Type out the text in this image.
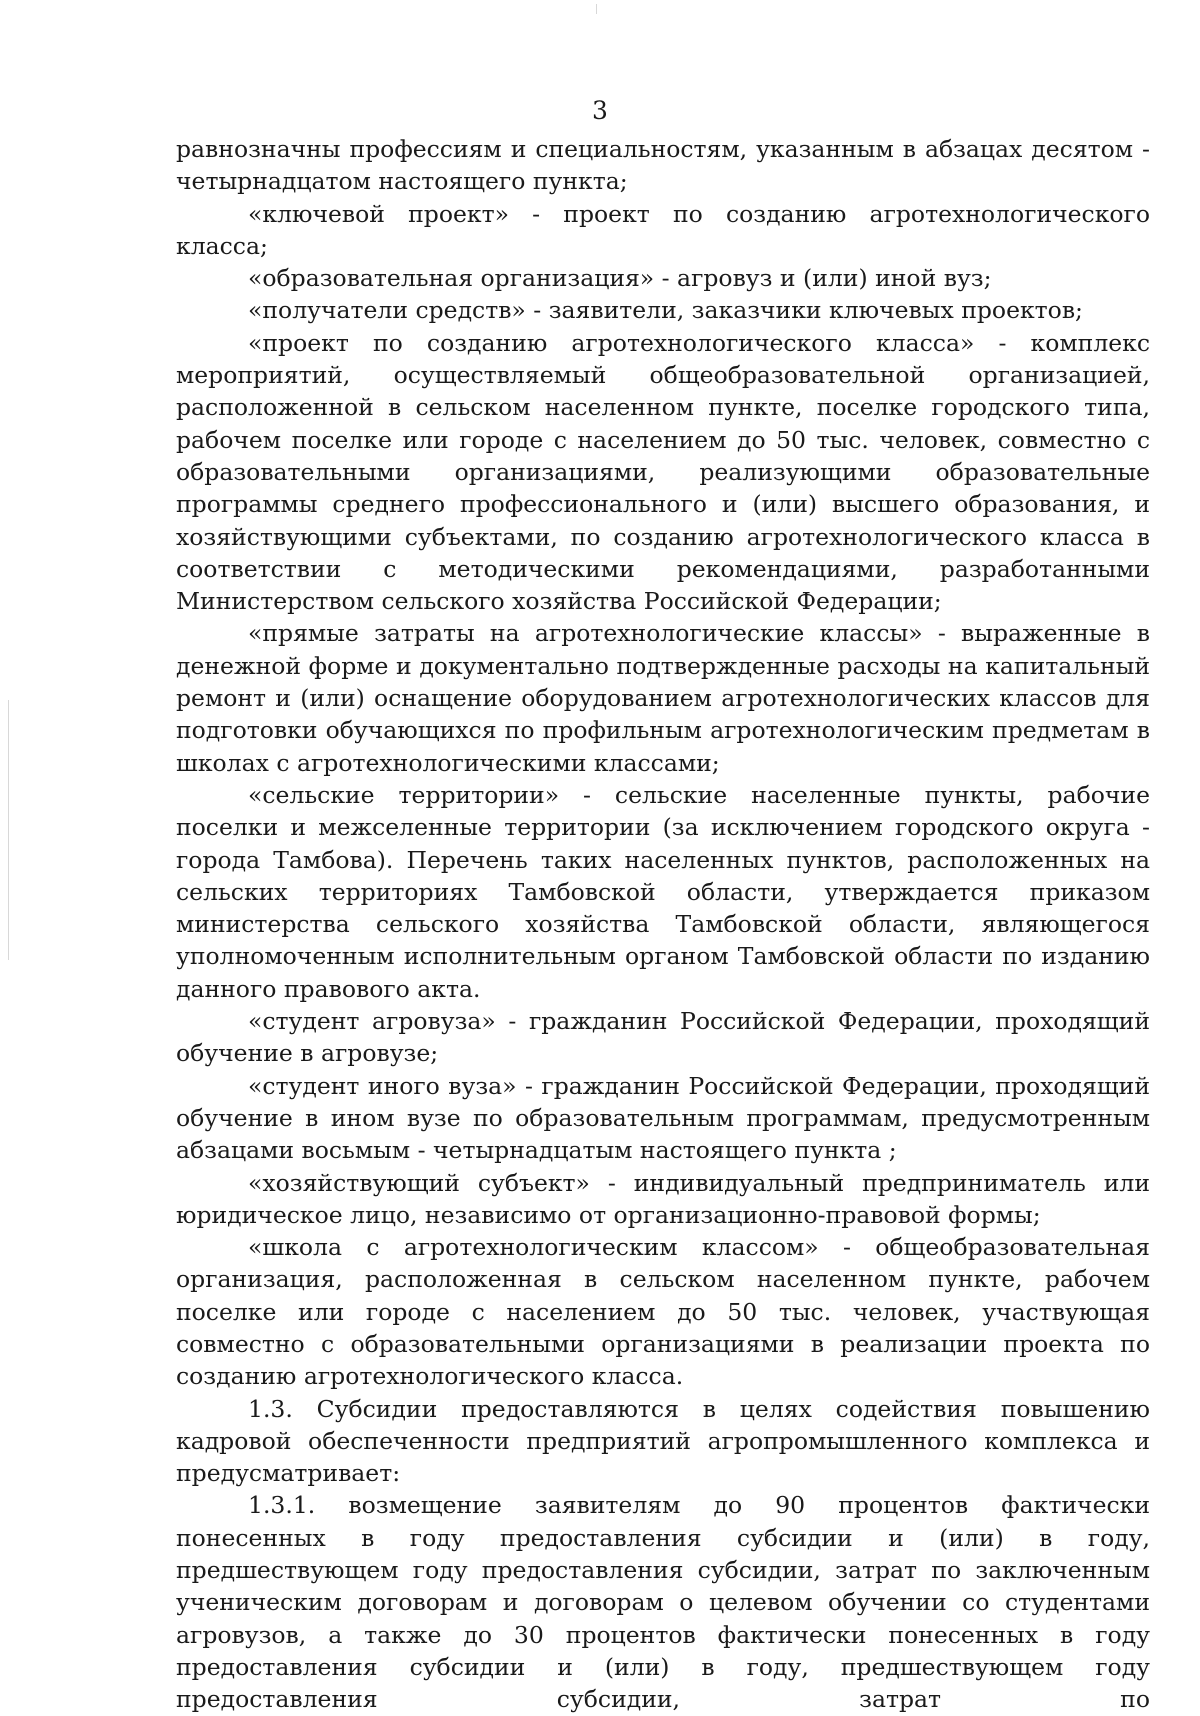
3

равнозначны профессиям и специальностям, указанным в абзацах десятом - четырнадцатом настоящего пункта;

«ключевой проект» - проект по созданию агротехнологического класса;

«образовательная организация» - агровуз и (или) иной вуз;

«получатели средств» - заявители, заказчики ключевых проектов;

«проект по созданию агротехнологического класса» - комплекс мероприятий, осуществляемый общеобразовательной организацией, расположенной в сельском населенном пункте, поселке городского типа, рабочем поселке или городе с населением до 50 тыс. человек, совместно с образовательными организациями, реализующими образовательные программы среднего профессионального и (или) высшего образования, и хозяйствующими субъектами, по созданию агротехнологического класса в соответствии с методическими рекомендациями, разработанными Министерством сельского хозяйства Российской Федерации;

«прямые затраты на агротехнологические классы» - выраженные в денежной форме и документально подтвержденные расходы на капитальный ремонт и (или) оснащение оборудованием агротехнологических классов для подготовки обучающихся по профильным агротехнологическим предметам в школах с агротехнологическими классами;

«сельские территории» - сельские населенные пункты, рабочие поселки и межселенные территории (за исключением городского округа - города Тамбова). Перечень таких населенных пунктов, расположенных на сельских территориях Тамбовской области, утверждается приказом министерства сельского хозяйства Тамбовской области, являющегося уполномоченным исполнительным органом Тамбовской области по изданию данного правового акта.

«студент агровуза» - гражданин Российской Федерации, проходящий обучение в агровузе;

«студент иного вуза» - гражданин Российской Федерации, проходящий обучение в ином вузе по образовательным программам, предусмотренным абзацами восьмым - четырнадцатым настоящего пункта ;

«хозяйствующий субъект» - индивидуальный предприниматель или юридическое лицо, независимо от организационно-правовой формы;

«школа с агротехнологическим классом» - общеобразовательная организация, расположенная в сельском населенном пункте, рабочем поселке или городе с населением до 50 тыс. человек, участвующая совместно с образовательными организациями в реализации проекта по созданию агротехнологического класса.

1.3. Субсидии предоставляются в целях содействия повышению кадровой обеспеченности предприятий агропромышленного комплекса и предусматривает:

1.3.1. возмещение заявителям до 90 процентов фактически понесенных в году предоставления субсидии и (или) в году, предшествующем году предоставления субсидии, затрат по заключенным ученическим договорам и договорам о целевом обучении со студентами агровузов, а также до 30 процентов фактически понесенных в году предоставления субсидии и (или) в году, предшествующем году предоставления субсидии, затрат по
